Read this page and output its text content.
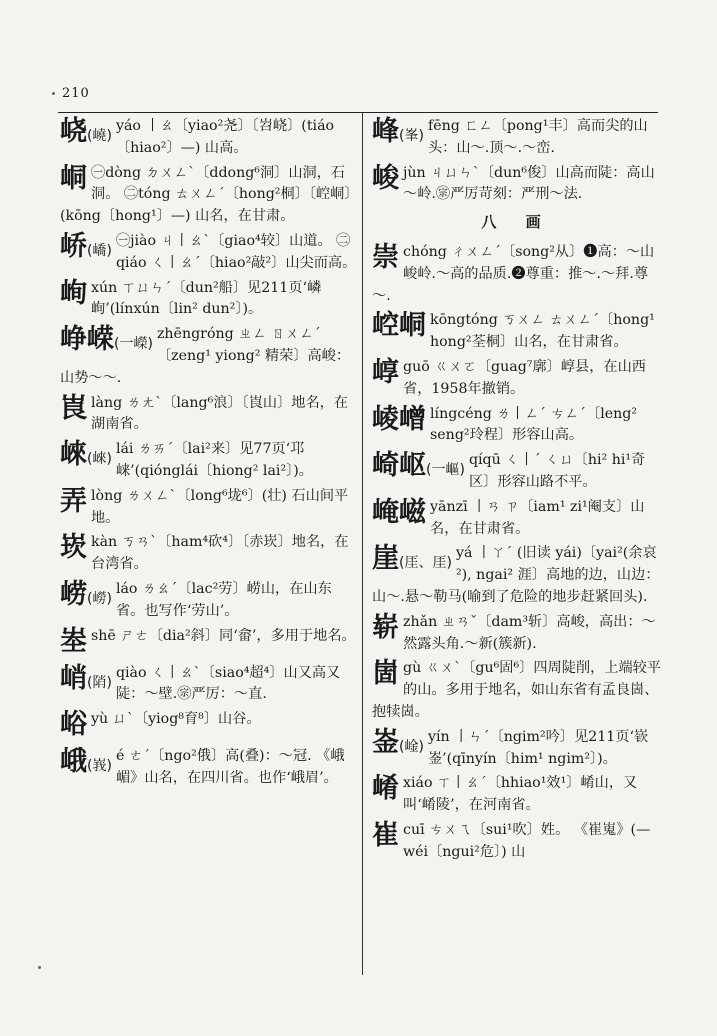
210
峣(嶢)
yáo 丨ㄠ〔yiao²尧〕〔岧峣〕(tiáo〔hiao²〕—) 山高。
峒 ㊀dòng ㄉㄨㄥˋ〔ddong⁶洞〕山洞，石洞。 ㊁tóng ㄊㄨㄥˊ〔hong²桐〕〔崆峒〕(kōng〔hong¹〕—) 山名，在甘肃。
峤(嶠)
㊀jiào ㄐ丨ㄠˋ〔giao⁴较〕山道。 ㊁qiáo ㄑ丨ㄠˊ〔hiao²敲²〕山尖而高。
峋xún ㄒㄩㄣˊ〔dun²船〕见211页‘嶙峋’(línxún〔lin² dun²〕)。
峥嵘(一嶸)
zhēngróng ㄓㄥ ㄖㄨㄥˊ〔zeng¹ yiong² 精荣〕高峻：山势～～.
崀làng ㄌㄤˋ〔lang⁶浪〕〔崀山〕地名，在湖南省。
崍(崍)
lái ㄌㄞˊ〔lai²来〕见77页‘邛崃’(qiónglái〔hiong² lai²〕)。
弄lòng ㄌㄨㄥˋ〔long⁶垅⁶〕(壮) 石山间平地。
崁kàn ㄎㄢˋ〔ham⁴砍⁴〕〔赤崁〕地名，在台湾省。
崂(嶗)
láo ㄌㄠˊ〔lac²劳〕崂山，在山东省。也写作‘劳山’。
峚shē ㄕㄜ〔dia²斜〕同‘畲’，多用于地名。
峭(陗)
qiào ㄑ丨ㄠˋ〔siao⁴超⁴〕山又高又陡：～壁.㊪严厉：～直.
峪yù ㄩˋ〔yiog⁸育⁸〕山谷。
峨(峩)
é ㄜˊ〔ngo²俄〕高(叠)：～冠. 《峨嵋》山名，在四川省。也作‘峨眉’。
峰(峯)
fēng ㄈㄥ〔pong¹丰〕高而尖的山头：山～.顶～.～峦.
峻jùn ㄐㄩㄣˋ〔dun⁶俊〕山高而陡：高山～岭.㊪严厉苛刻：严刑～法.
八 画
崇chóng ㄔㄨㄥˊ〔song²从〕❶高：～山峻岭.～高的品质.❷尊重：推～.～拜.尊～.
崆峒 kōngtóng ㄎㄨㄥ ㄊㄨㄥˊ〔hong¹ hong²荃桐〕山名，在甘肃省。
崞guō ㄍㄨㄛ〔guag⁷廓〕崞县，在山西省，1958年撤销。
崚嶒 língcéng ㄌ丨ㄥˊ ㄘㄥˊ〔leng² seng²玲程〕形容山高。
崎岖(一嶇)
qíqū ㄑ丨ˊ ㄑㄩ〔hi² hi¹奇区〕形容山路不平。
崦嵫 yānzī 丨ㄢ ㄗ〔iam¹ zi¹阉支〕山名，在甘肃省。
崖(厓、厓)
yá 丨ㄚˊ (旧读 yái)〔yai²(余哀²), ngai² 涯〕高地的边，山边：山～.悬～勒马(喻到了危险的地步赶紧回头).
崭zhǎn ㄓㄢˇ〔dam³斩〕高峻，高出：～然露头角.～新(簇新).
崮gù ㄍㄨˋ〔gu⁶固⁶〕四周陡削，上端较平的山。多用于地名，如山东省有孟良崮、抱犊崮。
崟(崯)
yín 丨ㄣˊ〔ngim²吟〕见211页‘嵚崟’(qīnyín〔him¹ ngim²〕)。
崤xiáo ㄒ丨ㄠˊ〔hhiao¹效¹〕崤山，又叫‘崤陵’，在河南省。
崔cuī ㄘㄨㄟ〔sui¹吹〕姓。 《崔嵬》(—wéi〔ngui²危〕) 山
